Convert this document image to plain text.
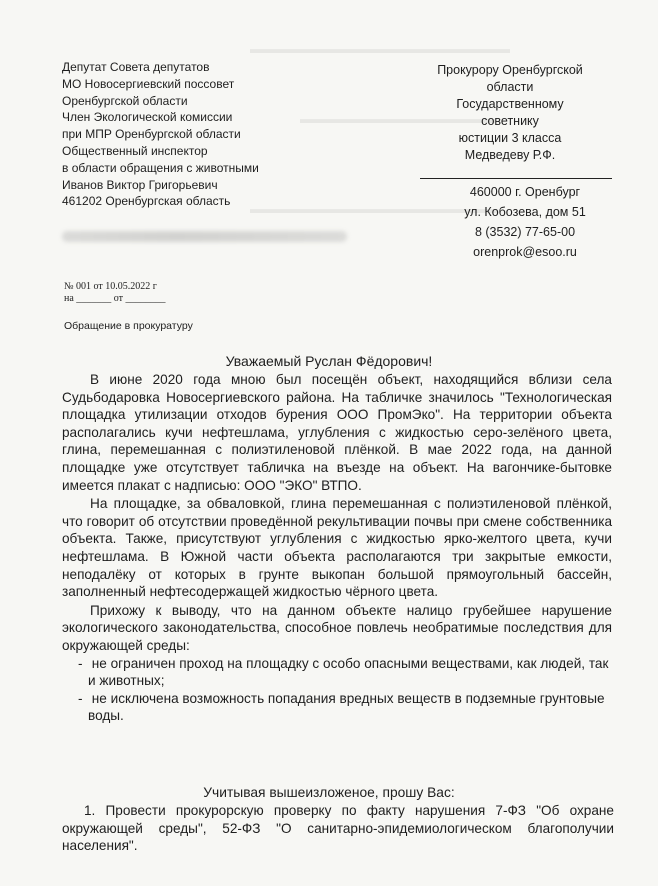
▬▬▬▬▬▬▬▬▬▬▬▬▬▬▬▬▬▬▬▬
▬▬▬▬▬▬▬▬▬▬▬▬▬▬▬
▬▬▬▬▬▬▬▬▬▬▬▬▬▬▬▬▬▬▬
Депутат Совета депутатов
МО Новосергиевский поссовет
Оренбургской области
Член Экологической комиссии
при МПР Оренбургской области
Общественный инспектор
в области обращения с животными
Иванов Виктор Григорьевич
461202 Оренбургская область
Прокурору Оренбургской
области
Государственному
советнику
юстиции 3 класса
Медведеву Р.Ф.
460000 г. Оренбург
ул. Кобозева, дом 51
8 (3532) 77-65-00
orenprok@esoo.ru
№ 001 от 10.05.2022 г
на _______ от ________
Обращение в прокуратуру
Уважаемый Руслан Фёдорович!

В июне 2020 года мною был посещён объект, находящийся вблизи села Судьбодаровка Новосергиевского района. На табличке значилось "Технологическая площадка утилизации отходов бурения ООО ПромЭко". На территории объекта располагались кучи нефтешлама, углубления с жидкостью серо-зелёного цвета, глина, перемешанная с полиэтиленовой плёнкой. В мае 2022 года, на данной площадке уже отсутствует табличка на въезде на объект. На вагончике-бытовке имеется плакат с надписью: ООО "ЭКО" ВТПО.

На площадке, за обваловкой, глина перемешанная с полиэтиленовой плёнкой, что говорит об отсутствии проведённой рекультивации почвы при смене собственника объекта. Также, присутствуют углубления с жидкостью ярко-желтого цвета, кучи нефтешлама. В Южной части объекта располагаются три закрытые емкости, неподалёку от которых в грунте выкопан большой прямоугольный бассейн, заполненный нефтесодержащей жидкостью чёрного цвета.

Прихожу к выводу, что на данном объекте налицо грубейшее нарушение экологического законодательства, способное повлечь необратимые последствия для окружающей среды:

- не ограничен проход на площадку с особо опасными веществами, как людей, так и животных;
- не исключена возможность попадания вредных веществ в подземные грунтовые воды.
Учитывая вышеизложеное, прошу Вас:

1. Провести прокурорскую проверку по факту нарушения 7-ФЗ "Об охране окружающей среды", 52-ФЗ "О санитарно-эпидемиологическом благополучии населения".
